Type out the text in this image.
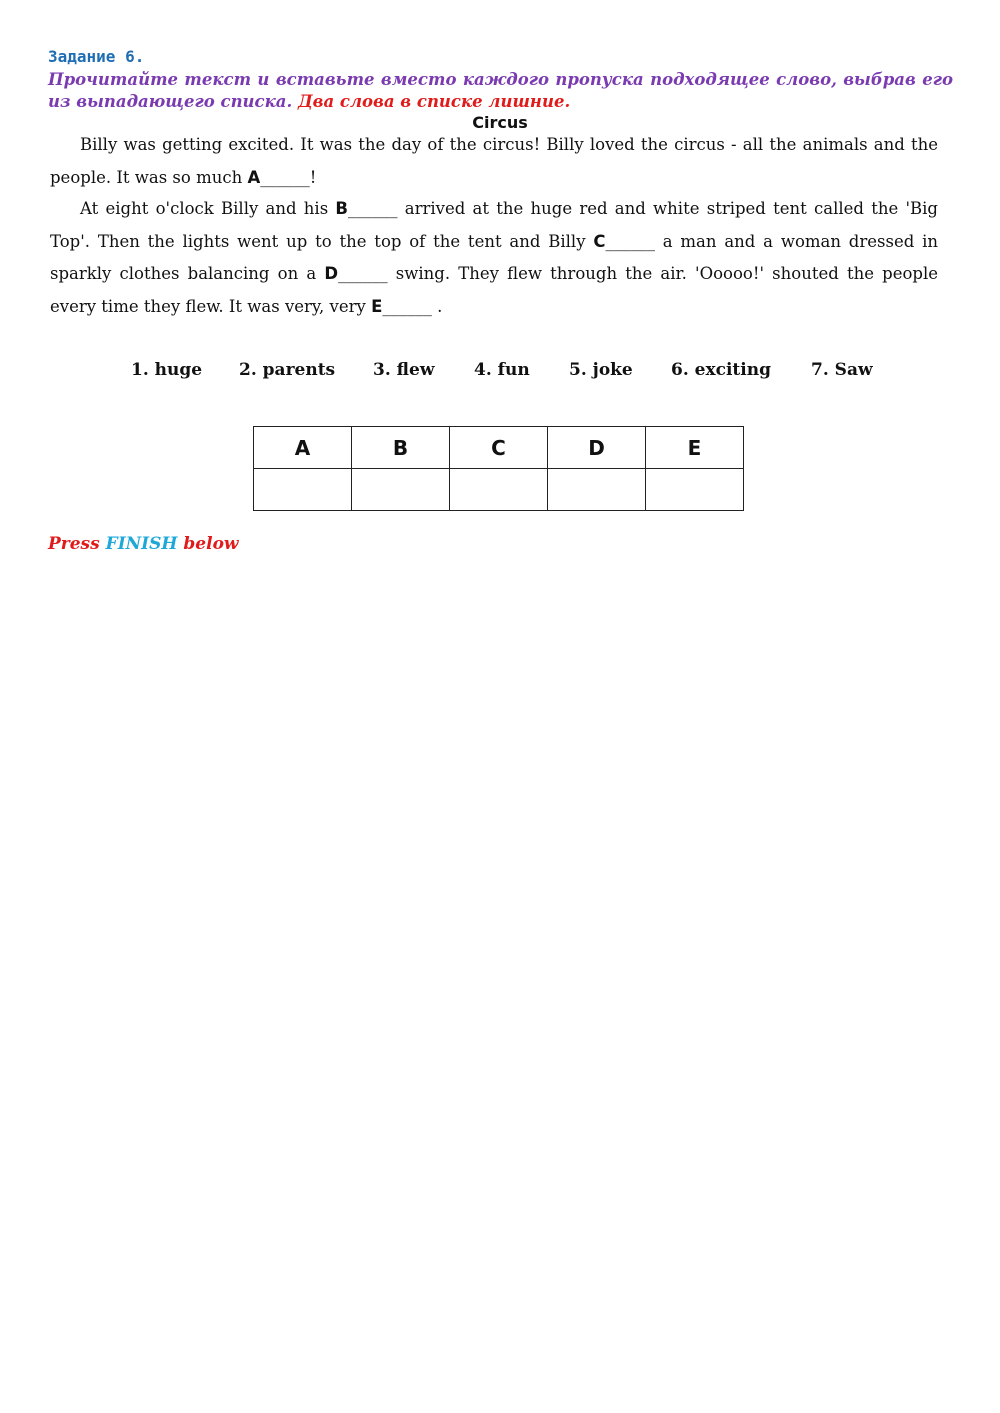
Задание 6.

Прочитайте текст и вставьте вместо каждого пропуска подходящее слово, выбрав его из выпадающего списка. Два слова в списке лишние.

Circus

Billy was getting excited. It was the day of the circus! Billy loved the circus - all the animals and the people. It was so much A______!

At eight o'clock Billy and his B______ arrived at the huge red and white striped tent called the 'Big Top'. Then the lights went up to the top of the tent and Billy C______ a man and a woman dressed in sparkly clothes balancing on a D______ swing. They flew through the air. 'Ooooo!' shouted the people every time they flew. It was very, very E______ .

1. huge 2. parents 3. flew 4. fun 5. joke 6. exciting 7. Saw
A	B	C	D	E

Press FINISH below
